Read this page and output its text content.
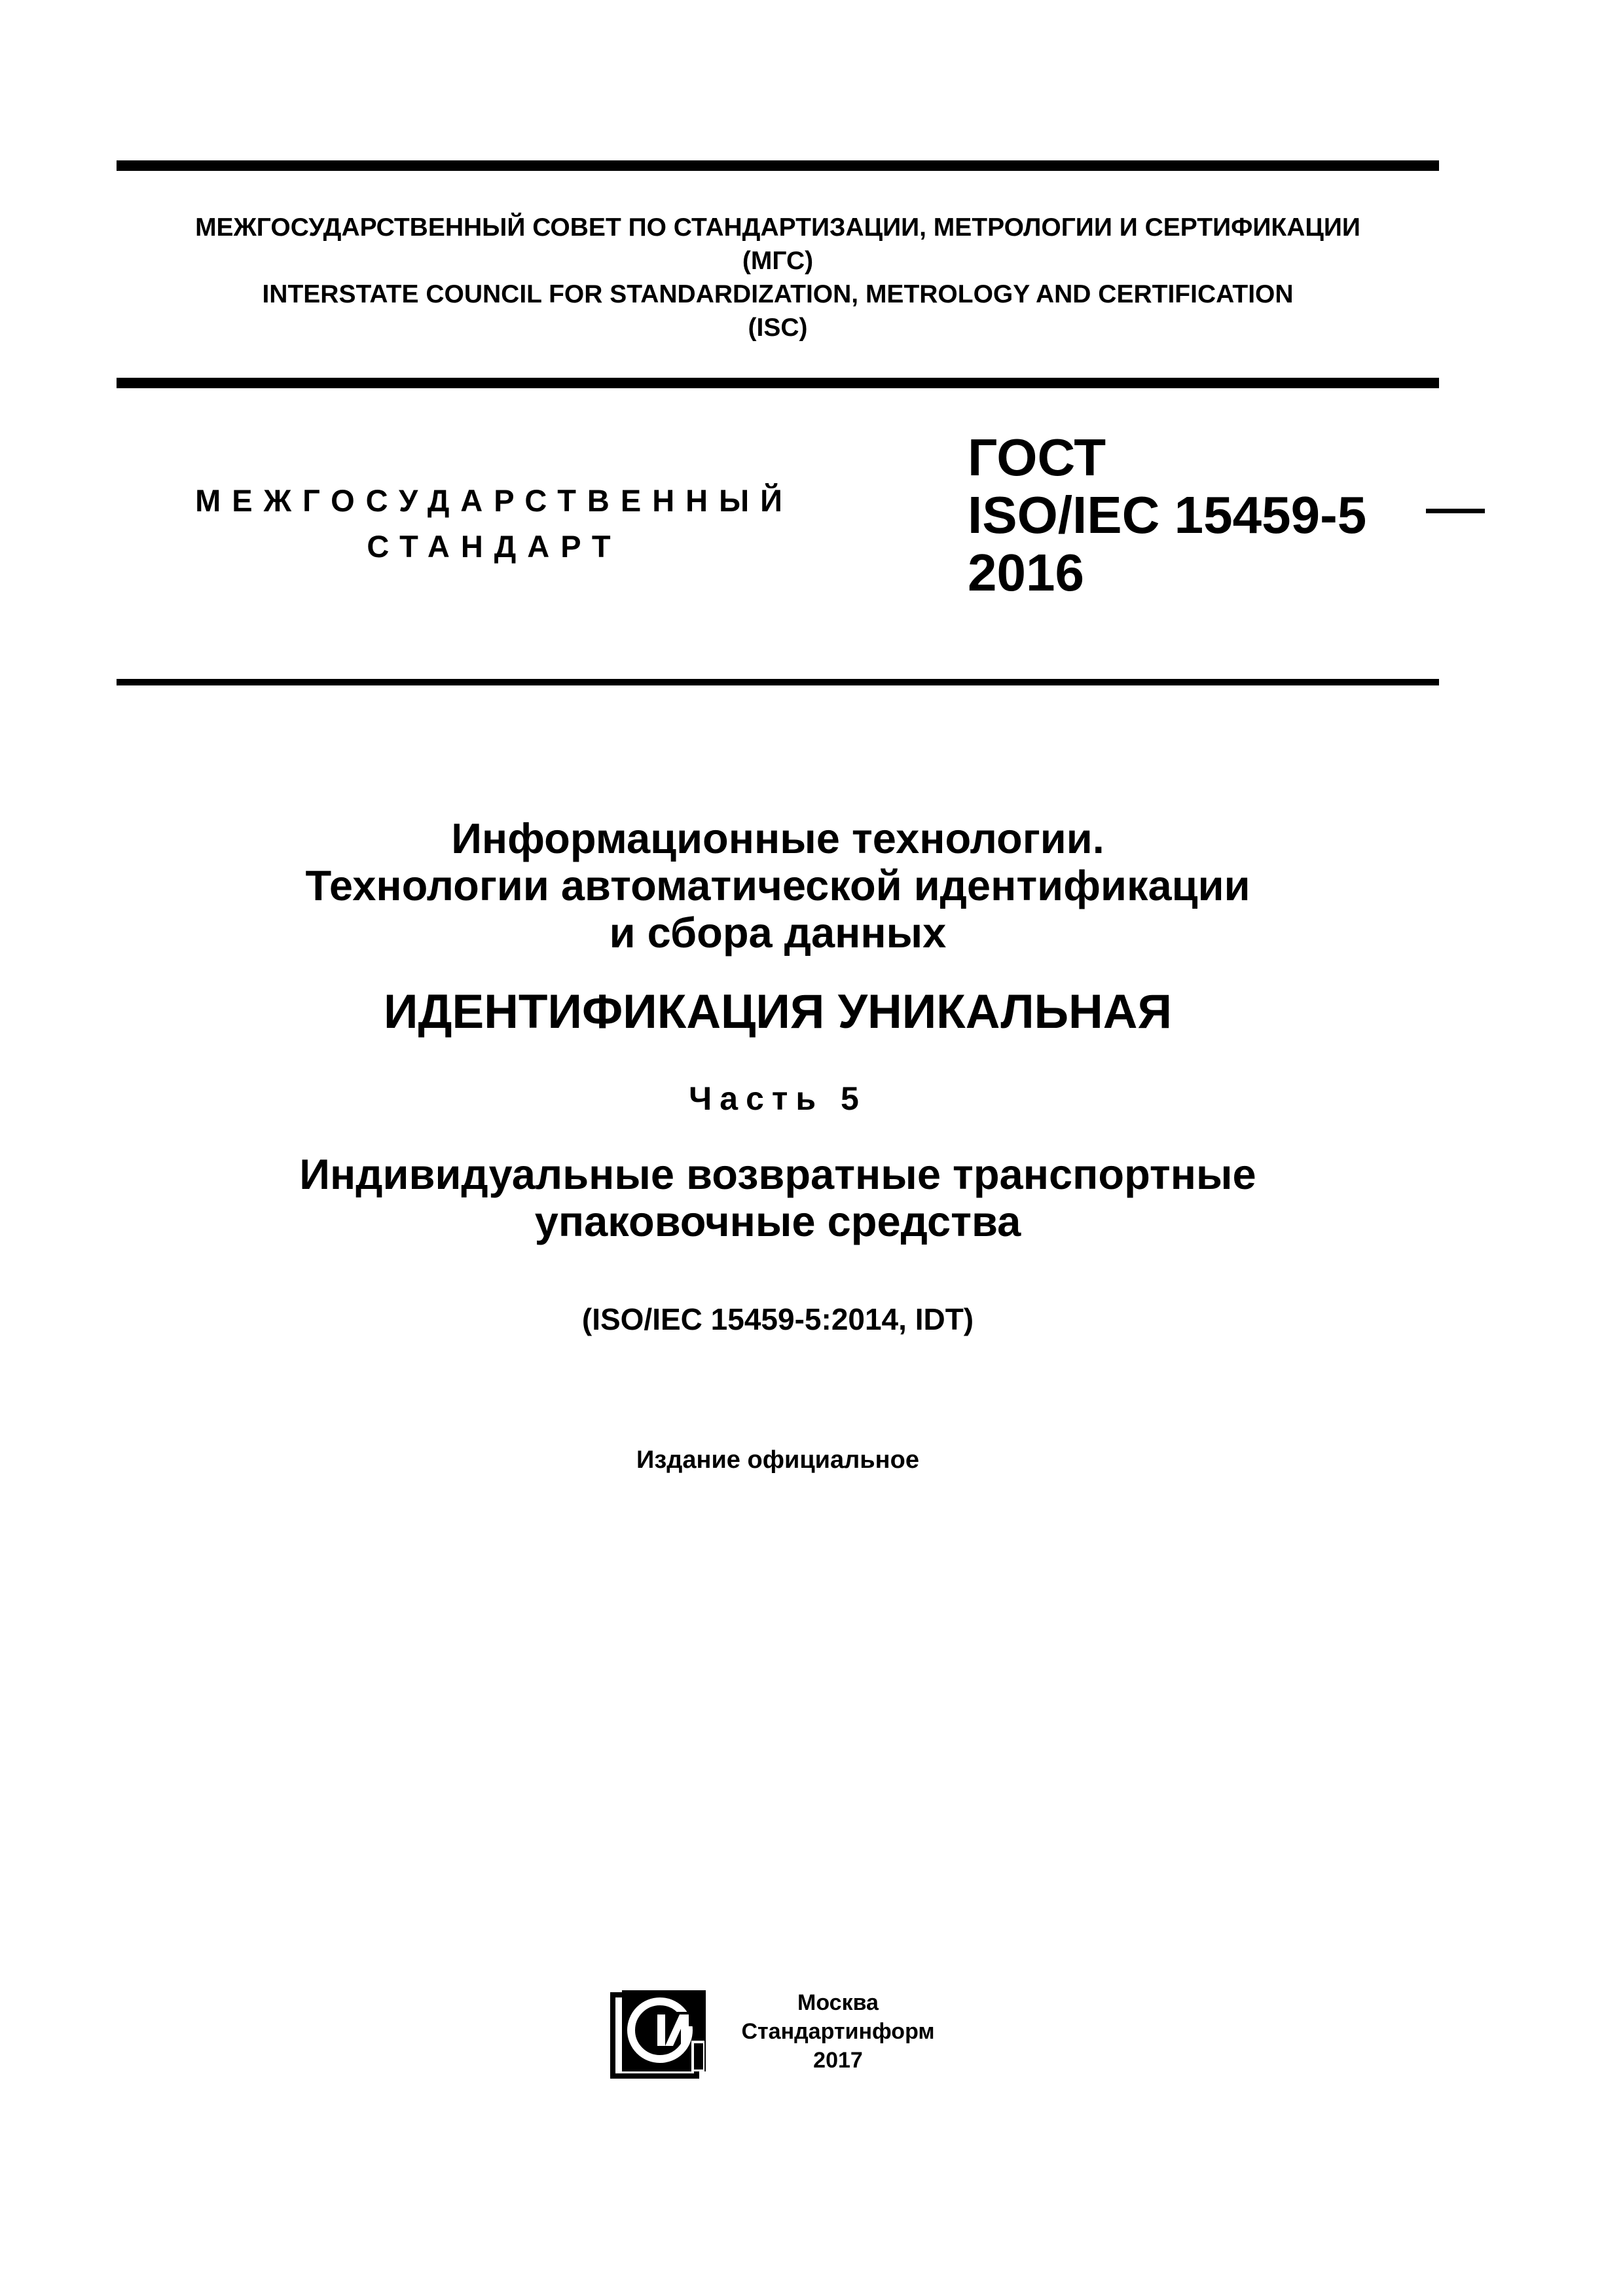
МЕЖГОСУДАРСТВЕННЫЙ СОВЕТ ПО СТАНДАРТИЗАЦИИ, МЕТРОЛОГИИ И СЕРТИФИКАЦИИ
(МГС)
INTERSTATE COUNCIL FOR STANDARDIZATION, METROLOGY AND CERTIFICATION
(ISC)
МЕЖГОСУДАРСТВЕННЫЙ
СТАНДАРТ
ГОСТ
ISO/IEC 15459-5
2016
Информационные технологии.
Технологии автоматической идентификации
и сбора данных
ИДЕНТИФИКАЦИЯ УНИКАЛЬНАЯ
Часть 5
Индивидуальные возвратные транспортные
упаковочные средства
(ISO/IEC 15459-5:2014, IDT)
Издание официальное
Москва
Стандартинформ
2017
